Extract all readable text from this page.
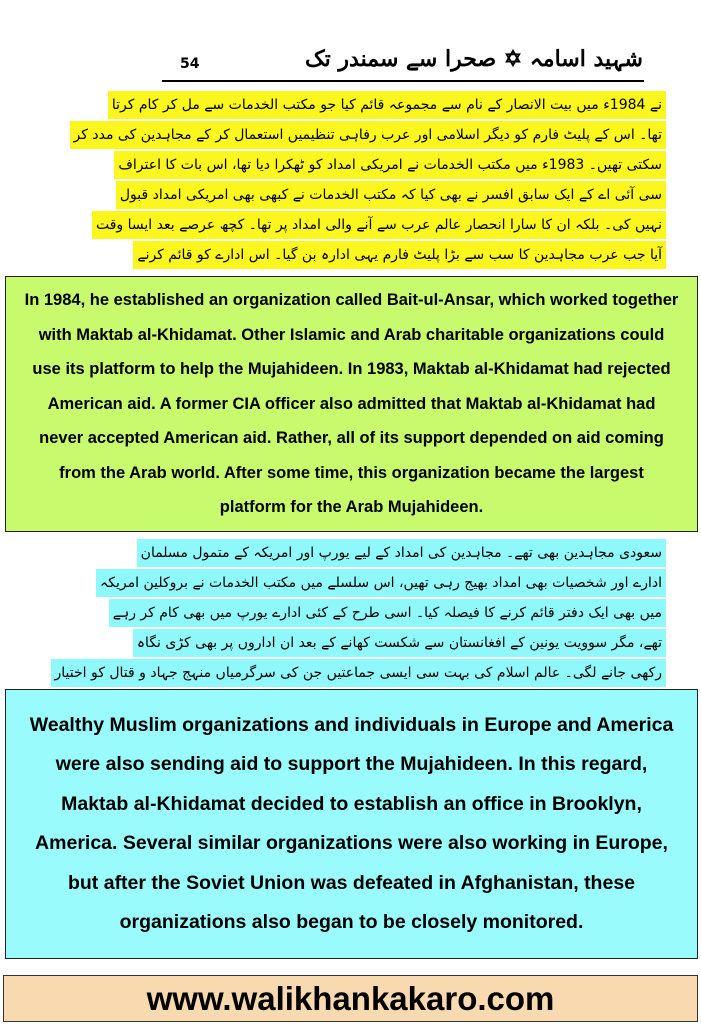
شہید اسامہ ✡ صحرا سے سمندر تک
54
نے 1984ء میں بیت الانصار کے نام سے مجموعہ قائم کیا جو مکتب الخدمات سے مل کر کام کرتا
تھا۔ اس کے پلیٹ فارم کو دیگر اسلامی اور عرب رفاہی تنظیمیں استعمال کر کے مجاہدین کی مدد کر
سکتی تھیں۔ 1983ء میں مکتب الخدمات نے امریکی امداد کو ٹھکرا دیا تھا، اس بات کا اعتراف
سی آئی اے کے ایک سابق افسر نے بھی کیا کہ مکتب الخدمات نے کبھی بھی امریکی امداد قبول
نہیں کی۔ بلکہ ان کا سارا انحصار عالم عرب سے آنے والی امداد پر تھا۔ کچھ عرصے بعد ایسا وقت
آیا جب عرب مجاہدین کا سب سے بڑا پلیٹ فارم یہی ادارہ بن گیا۔ اس ادارے کو قائم کرنے

In 1984, he established an organization called Bait-ul-Ansar, which worked together with Maktab al-Khidamat. Other Islamic and Arab charitable organizations could use its platform to help the Mujahideen. In 1983, Maktab al-Khidamat had rejected American aid. A former CIA officer also admitted that Maktab al-Khidamat had never accepted American aid. Rather, all of its support depended on aid coming from the Arab world. After some time, this organization became the largest platform for the Arab Mujahideen.

سعودی مجاہدین بھی تھے۔ مجاہدین کی امداد کے لیے یورپ اور امریکہ کے متمول مسلمان
ادارے اور شخصیات بھی امداد بھیج رہی تھیں، اس سلسلے میں مکتب الخدمات نے بروکلین امریکہ
میں بھی ایک دفتر قائم کرنے کا فیصلہ کیا۔ اسی طرح کے کئی ادارے یورپ میں بھی کام کر رہے
تھے، مگر سوویت یونین کے افغانستان سے شکست کھانے کے بعد ان اداروں پر بھی کڑی نگاہ
رکھی جانے لگی۔ عالم اسلام کی بہت سی ایسی جماعتیں جن کی سرگرمیاں منہج جہاد و قتال کو اختیار

Wealthy Muslim organizations and individuals in Europe and America were also sending aid to support the Mujahideen. In this regard, Maktab al-Khidamat decided to establish an office in Brooklyn, America. Several similar organizations were also working in Europe, but after the Soviet Union was defeated in Afghanistan, these organizations also began to be closely monitored.

www.walikhankakaro.com
